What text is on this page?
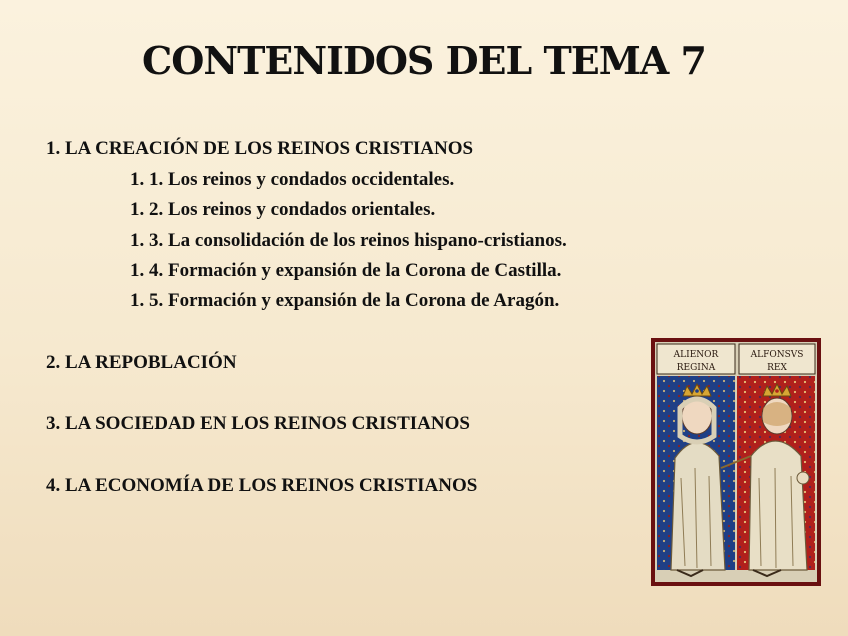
CONTENIDOS DEL TEMA 7
1. LA CREACIÓN DE LOS REINOS CRISTIANOS
1. 1. Los reinos y condados occidentales.
1. 2. Los reinos y condados orientales.
1. 3. La consolidación de los reinos hispano-cristianos.
1. 4. Formación y expansión de la Corona de Castilla.
1. 5. Formación y expansión de la Corona de Aragón.
2. LA REPOBLACIÓN
3. LA SOCIEDAD EN LOS REINOS CRISTIANOS
4. LA ECONOMÍA DE LOS REINOS CRISTIANOS
ALIENOR
REGINA
ALFONSVS
REX
